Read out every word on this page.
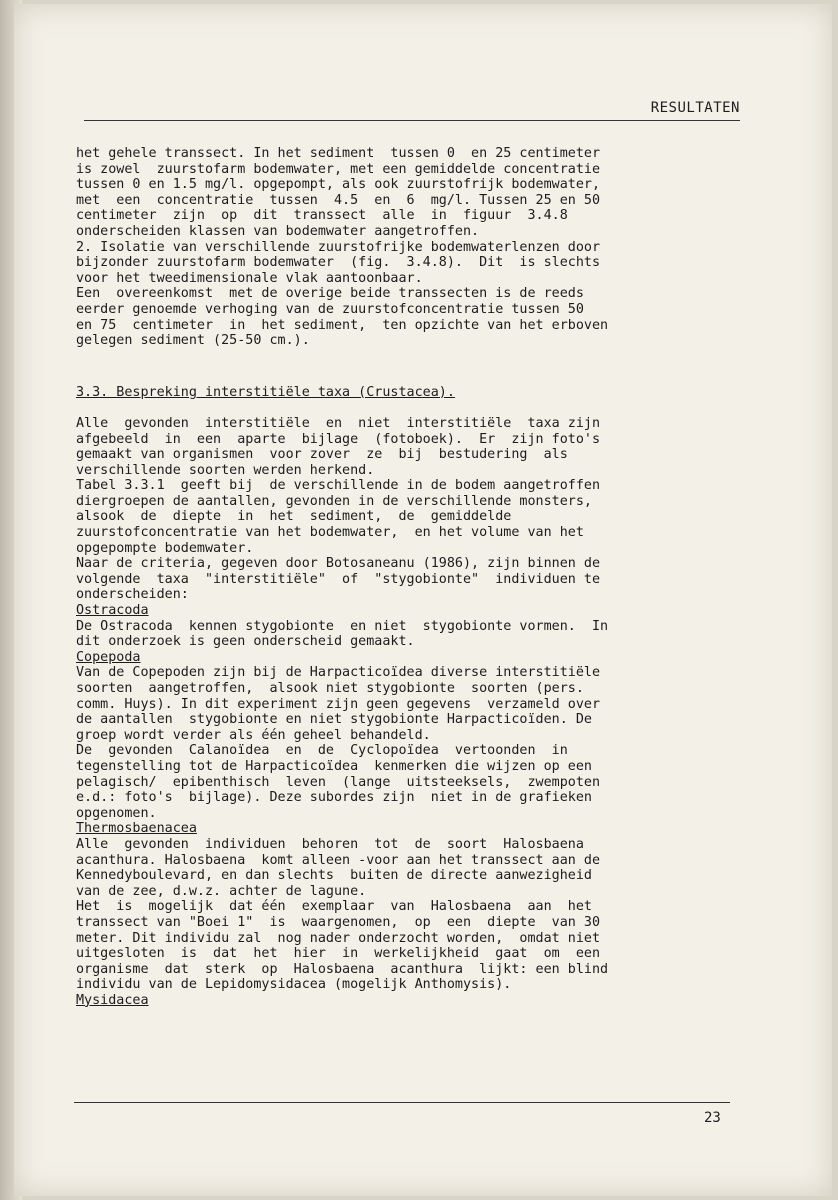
RESULTATEN

het gehele transsect. In het sediment  tussen 0  en 25 centimeter

is zowel  zuurstofarm bodemwater, met een gemiddelde concentratie

tussen 0 en 1.5 mg/l. opgepompt, als ook zuurstofrijk bodemwater,

met  een  concentratie  tussen  4.5  en  6  mg/l. Tussen 25 en 50

centimeter  zijn  op  dit  transsect  alle  in  figuur  3.4.8

onderscheiden klassen van bodemwater aangetroffen.

2. Isolatie van verschillende zuurstofrijke bodemwaterlenzen door

bijzonder zuurstofarm bodemwater  (fig.  3.4.8).  Dit  is slechts

voor het tweedimensionale vlak aantoonbaar.

Een  overeenkomst  met de overige beide transsecten is de reeds

eerder genoemde verhoging van de zuurstofconcentratie tussen 50

en 75  centimeter  in  het sediment,  ten opzichte van het erboven

gelegen sediment (25-50 cm.).

3.3. Bespreking interstitiële taxa (Crustacea).

Alle  gevonden  interstitiële  en  niet  interstitiële  taxa zijn

afgebeeld  in  een  aparte  bijlage  (fotoboek).  Er  zijn foto's

gemaakt van organismen  voor zover  ze  bij  bestudering  als

verschillende soorten werden herkend.

Tabel 3.3.1  geeft bij  de verschillende in de bodem aangetroffen

diergroepen de aantallen, gevonden in de verschillende monsters,

alsook  de  diepte  in  het  sediment,  de  gemiddelde

zuurstofconcentratie van het bodemwater,  en het volume van het

opgepompte bodemwater.

Naar de criteria, gegeven door Botosaneanu (1986), zijn binnen de

volgende  taxa  "interstitiële"  of  "stygobionte"  individuen te

onderscheiden:

Ostracoda

De Ostracoda  kennen stygobionte  en niet  stygobionte vormen.  In

dit onderzoek is geen onderscheid gemaakt.

Copepoda

Van de Copepoden zijn bij de Harpacticoïdea diverse interstitiële

soorten  aangetroffen,  alsook niet stygobionte  soorten (pers.

comm. Huys). In dit experiment zijn geen gegevens  verzameld over

de aantallen  stygobionte en niet stygobionte Harpacticoïden. De

groep wordt verder als één geheel behandeld.

De  gevonden  Calanoïdea  en  de  Cyclopoïdea  vertoonden  in

tegenstelling tot de Harpacticoïdea  kenmerken die wijzen op een

pelagisch/  epibenthisch  leven  (lange  uitsteeksels,  zwempoten

e.d.: foto's  bijlage). Deze subordes zijn  niet in de grafieken

opgenomen.

Thermosbaenacea

Alle  gevonden  individuen  behoren  tot  de  soort  Halosbaena

acanthura. Halosbaena  komt alleen -voor aan het transsect aan de

Kennedyboulevard, en dan slechts  buiten de directe aanwezigheid

van de zee, d.w.z. achter de lagune.

Het  is  mogelijk  dat één  exemplaar  van  Halosbaena  aan  het

transsect van "Boei 1"  is  waargenomen,  op  een  diepte  van 30

meter. Dit individu zal  nog nader onderzocht worden,  omdat niet

uitgesloten  is  dat  het  hier  in  werkelijkheid  gaat  om  een

organisme  dat  sterk  op  Halosbaena  acanthura  lijkt: een blind

individu van de Lepidomysidacea (mogelijk Anthomysis).

Mysidacea

23
